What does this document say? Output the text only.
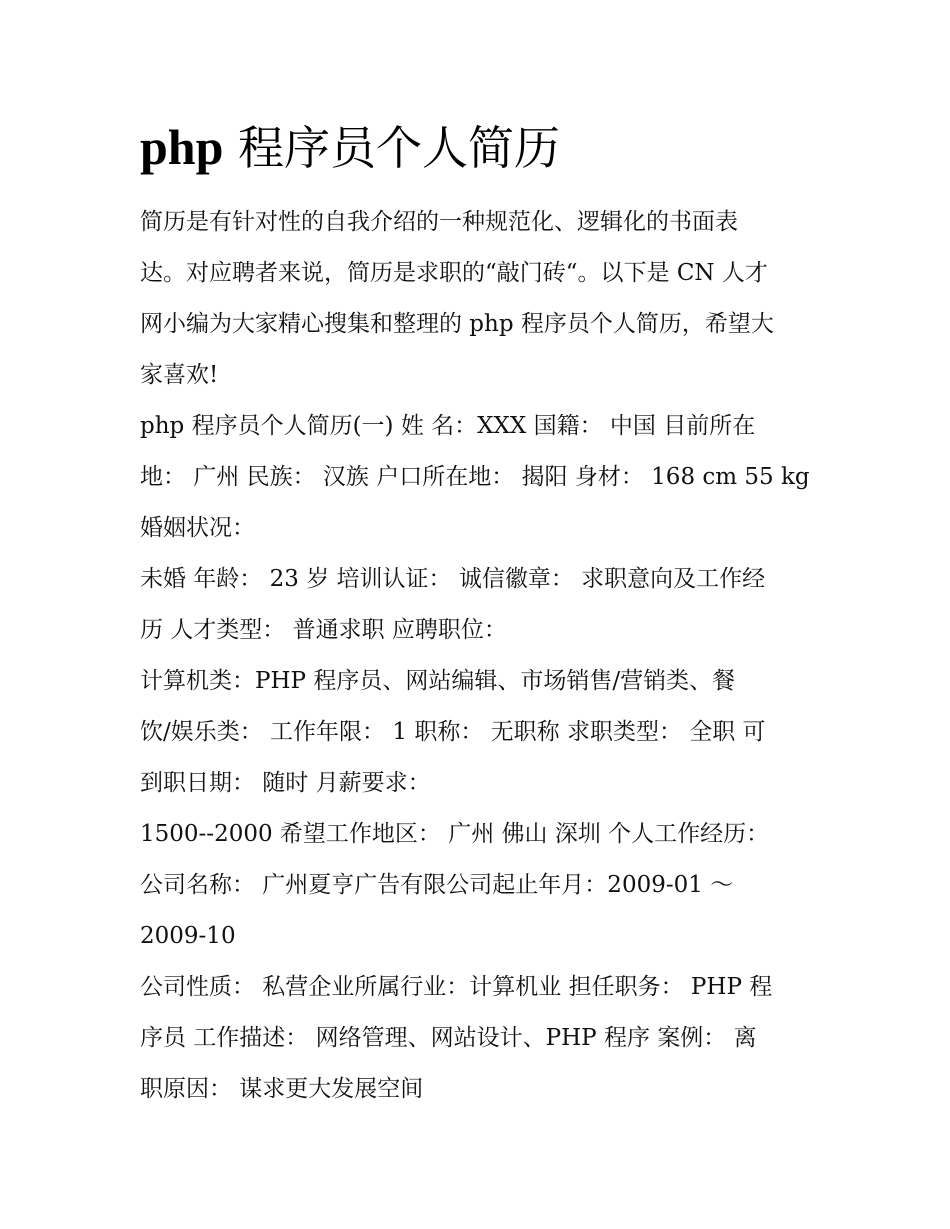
php 程序员个人简历
简历是有针对性的自我介绍的一种规范化、逻辑化的书面表
达。对应聘者来说，简历是求职的“敲门砖“。以下是 CN 人才
网小编为大家精心搜集和整理的 php 程序员个人简历，希望大
家喜欢!
php 程序员个人简历(一) 姓 名：XXX 国籍： 中国 目前所在
地： 广州 民族： 汉族 户口所在地： 揭阳 身材： 168 cm 55 kg
婚姻状况：
未婚 年龄： 23 岁 培训认证： 诚信徽章： 求职意向及工作经
历 人才类型： 普通求职 应聘职位：
计算机类：PHP 程序员、网站编辑、市场销售/营销类、餐
饮/娱乐类： 工作年限： 1 职称： 无职称 求职类型： 全职 可
到职日期： 随时 月薪要求：
1500--2000 希望工作地区： 广州 佛山 深圳 个人工作经历：
公司名称： 广州夏亨广告有限公司起止年月：2009-01 ～
2009-10
公司性质： 私营企业所属行业：计算机业 担任职务： PHP 程
序员 工作描述： 网络管理、网站设计、PHP 程序 案例： 离
职原因： 谋求更大发展空间
